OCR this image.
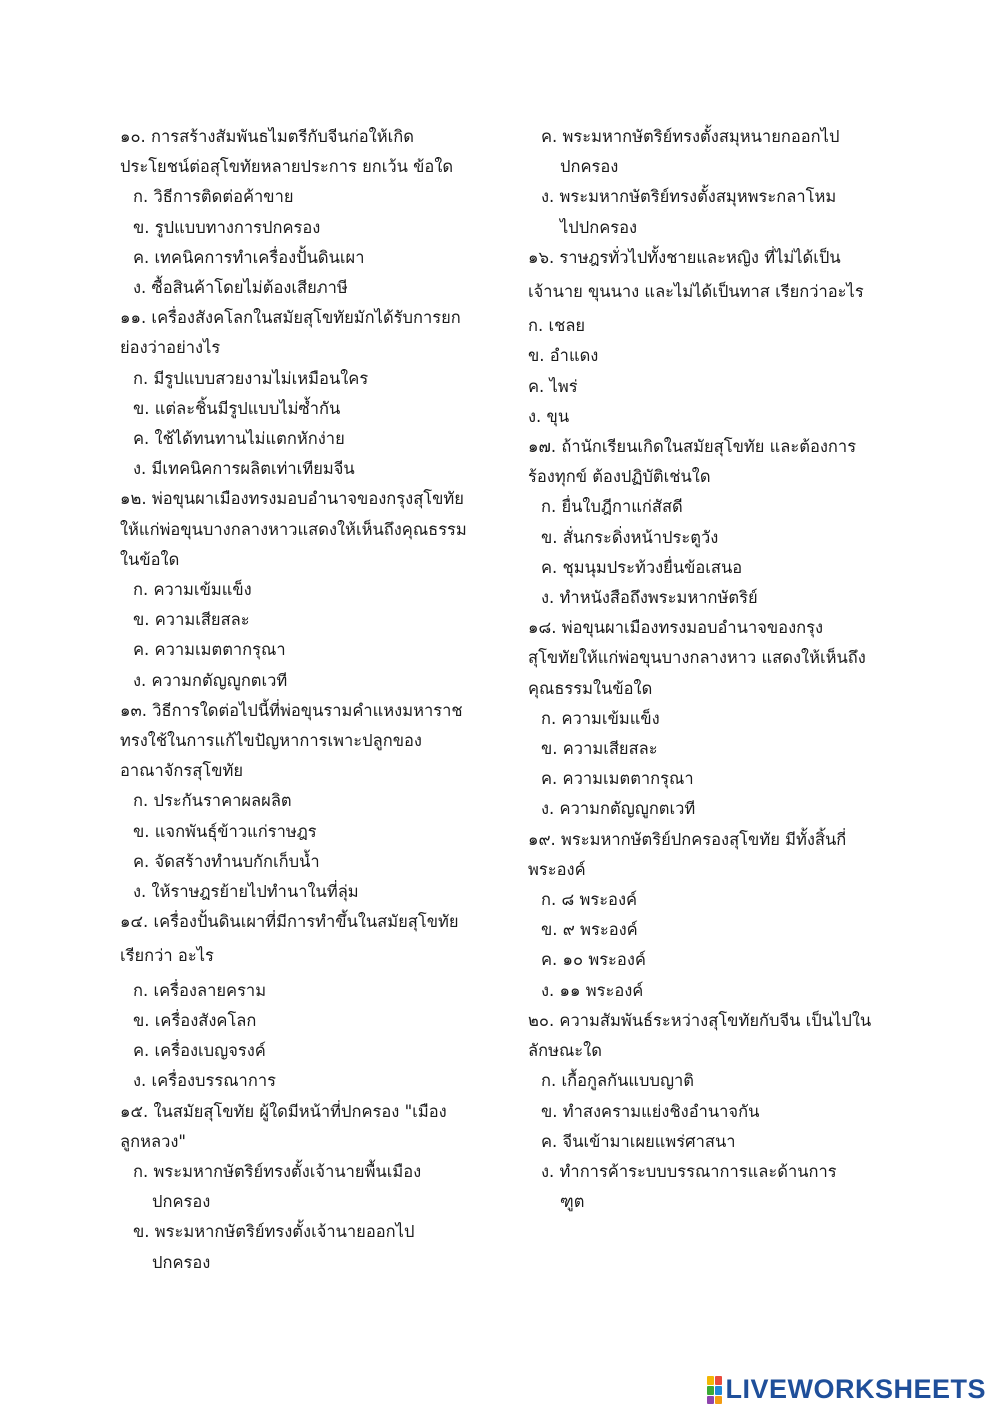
๑๐. การสร้างสัมพันธไมตรีกับจีนก่อให้เกิด
ประโยชน์ต่อสุโขทัยหลายประการ ยกเว้น ข้อใด
ก. วิธีการติดต่อค้าขาย
ข. รูปแบบทางการปกครอง
ค. เทคนิคการทำเครื่องปั้นดินเผา
ง. ซื้อสินค้าโดยไม่ต้องเสียภาษี
๑๑. เครื่องสังคโลกในสมัยสุโขทัยมักได้รับการยก
ย่องว่าอย่างไร
ก. มีรูปแบบสวยงามไม่เหมือนใคร
ข. แต่ละชิ้นมีรูปแบบไม่ซ้ำกัน
ค. ใช้ได้ทนทานไม่แตกหักง่าย
ง. มีเทคนิคการผลิตเท่าเทียมจีน
๑๒. พ่อขุนผาเมืองทรงมอบอำนาจของกรุงสุโขทัย
ให้แก่พ่อขุนบางกลางหาวแสดงให้เห็นถึงคุณธรรม
ในข้อใด
ก. ความเข้มแข็ง
ข. ความเสียสละ
ค. ความเมตตากรุณา
ง. ความกตัญญูกตเวที
๑๓. วิธีการใดต่อไปนี้ที่พ่อขุนรามคำแหงมหาราช
ทรงใช้ในการแก้ไขปัญหาการเพาะปลูกของ
อาณาจักรสุโขทัย
ก. ประกันราคาผลผลิต
ข. แจกพันธุ์ข้าวแก่ราษฎร
ค. จัดสร้างทำนบกักเก็บน้ำ
ง. ให้ราษฎรย้ายไปทำนาในที่ลุ่ม
๑๔. เครื่องปั้นดินเผาที่มีการทำขึ้นในสมัยสุโขทัย
เรียกว่า อะไร
ก. เครื่องลายคราม
ข. เครื่องสังคโลก
ค. เครื่องเบญจรงค์
ง. เครื่องบรรณาการ
๑๕. ในสมัยสุโขทัย ผู้ใดมีหน้าที่ปกครอง "เมือง
ลูกหลวง"
ก. พระมหากษัตริย์ทรงตั้งเจ้านายพื้นเมือง
ปกครอง
ข. พระมหากษัตริย์ทรงตั้งเจ้านายออกไป
ปกครอง
ค. พระมหากษัตริย์ทรงตั้งสมุหนายกออกไป
ปกครอง
ง. พระมหากษัตริย์ทรงตั้งสมุหพระกลาโหม
ไปปกครอง
๑๖. ราษฎรทั่วไปทั้งชายและหญิง ที่ไม่ได้เป็น
เจ้านาย ขุนนาง และไม่ได้เป็นทาส เรียกว่าอะไร
ก. เชลย
ข. อำแดง
ค. ไพร่
ง. ขุน
๑๗. ถ้านักเรียนเกิดในสมัยสุโขทัย และต้องการ
ร้องทุกข์ ต้องปฏิบัติเช่นใด
ก. ยื่นใบฎีกาแก่สัสดี
ข. สั่นกระดิ่งหน้าประตูวัง
ค. ชุมนุมประท้วงยื่นข้อเสนอ
ง. ทำหนังสือถึงพระมหากษัตริย์
๑๘. พ่อขุนผาเมืองทรงมอบอำนาจของกรุง
สุโขทัยให้แก่พ่อขุนบางกลางหาว แสดงให้เห็นถึง
คุณธรรมในข้อใด
ก. ความเข้มแข็ง
ข. ความเสียสละ
ค. ความเมตตากรุณา
ง. ความกตัญญูกตเวที
๑๙. พระมหากษัตริย์ปกครองสุโขทัย มีทั้งสิ้นกี่
พระองค์
ก. ๘ พระองค์
ข. ๙ พระองค์
ค. ๑๐ พระองค์
ง. ๑๑ พระองค์
๒๐. ความสัมพันธ์ระหว่างสุโขทัยกับจีน เป็นไปใน
ลักษณะใด
ก. เกื้อกูลกันแบบญาติ
ข. ทำสงครามแย่งชิงอำนาจกัน
ค. จีนเข้ามาเผยแพร่ศาสนา
ง. ทำการค้าระบบบรรณาการและด้านการ
ฑูต
LIVEWORKSHEETS
